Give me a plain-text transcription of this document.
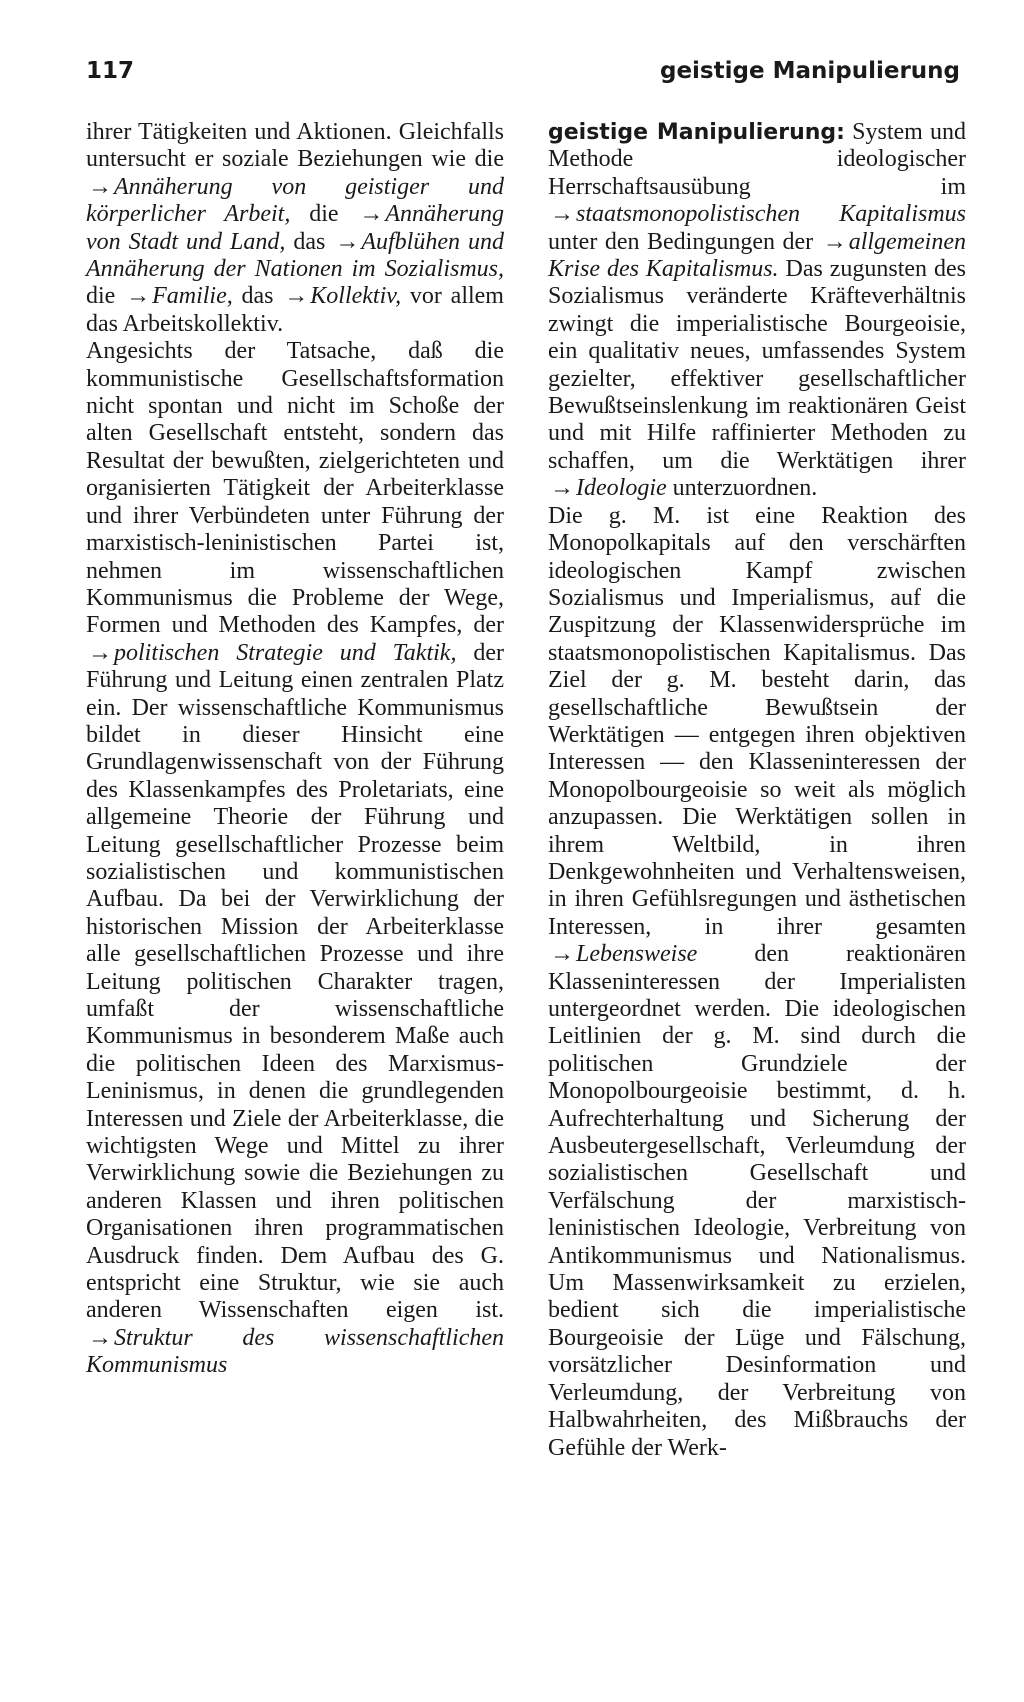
117	geistige Manipulierung

ihrer Tätigkeiten und Aktionen. Gleichfalls untersucht er soziale Beziehungen wie die →Annäherung von geistiger und körperlicher Arbeit, die →Annäherung von Stadt und Land, das →Aufblühen und Annäherung der Nationen im Sozialismus, die →Familie, das →Kollektiv, vor allem das Arbeitskollektiv.

Angesichts der Tatsache, daß die kommunistische Gesellschaftsformation nicht spontan und nicht im Schoße der alten Gesellschaft entsteht, sondern das Resultat der bewußten, zielgerichteten und organisierten Tätigkeit der Arbeiterklasse und ihrer Verbündeten unter Führung der marxistisch-leninistischen Partei ist, nehmen im wissenschaftlichen Kommunismus die Probleme der Wege, Formen und Methoden des Kampfes, der →politischen Strategie und Taktik, der Führung und Leitung einen zentralen Platz ein. Der wissenschaftliche Kommunismus bildet in dieser Hinsicht eine Grundlagenwissenschaft von der Führung des Klassenkampfes des Proletariats, eine allgemeine Theorie der Führung und Leitung gesellschaftlicher Prozesse beim sozialistischen und kommunistischen Aufbau. Da bei der Verwirklichung der historischen Mission der Arbeiterklasse alle gesellschaftlichen Prozesse und ihre Leitung politischen Charakter tragen, umfaßt der wissenschaftliche Kommunismus in besonderem Maße auch die politischen Ideen des Marxismus-Leninismus, in denen die grundlegenden Interessen und Ziele der Arbeiterklasse, die wichtigsten Wege und Mittel zu ihrer Verwirklichung sowie die Beziehungen zu anderen Klassen und ihren politischen Organisationen ihren programmatischen Ausdruck finden. Dem Aufbau des G. entspricht eine Struktur, wie sie auch anderen Wissenschaften eigen ist. →Struktur des wissenschaftlichen Kommunismus

geistige Manipulierung: System und Methode ideologischer Herrschaftsausübung im →staatsmonopolistischen Kapitalismus unter den Bedingungen der →allgemeinen Krise des Kapitalismus. Das zugunsten des Sozialismus veränderte Kräfteverhältnis zwingt die imperialistische Bourgeoisie, ein qualitativ neues, umfassendes System gezielter, effektiver gesellschaftlicher Bewußtseinslenkung im reaktionären Geist und mit Hilfe raffinierter Methoden zu schaffen, um die Werktätigen ihrer →Ideologie unterzuordnen.

Die g. M. ist eine Reaktion des Monopolkapitals auf den verschärften ideologischen Kampf zwischen Sozialismus und Imperialismus, auf die Zuspitzung der Klassenwidersprüche im staatsmonopolistischen Kapitalismus. Das Ziel der g. M. besteht darin, das gesellschaftliche Bewußtsein der Werktätigen — entgegen ihren objektiven Interessen — den Klasseninteressen der Monopolbourgeoisie so weit als möglich anzupassen. Die Werktätigen sollen in ihrem Weltbild, in ihren Denkgewohnheiten und Verhaltensweisen, in ihren Gefühlsregungen und ästhetischen Interessen, in ihrer gesamten →Lebensweise den reaktionären Klasseninteressen der Imperialisten untergeordnet werden. Die ideologischen Leitlinien der g. M. sind durch die politischen Grundziele der Monopolbourgeoisie bestimmt, d. h. Aufrechterhaltung und Sicherung der Ausbeutergesellschaft, Verleumdung der sozialistischen Gesellschaft und Verfälschung der marxistisch-leninistischen Ideologie, Verbreitung von Antikommunismus und Nationalismus. Um Massenwirksamkeit zu erzielen, bedient sich die imperialistische Bourgeoisie der Lüge und Fälschung, vorsätzlicher Desinformation und Verleumdung, der Verbreitung von Halbwahrheiten, des Mißbrauchs der Gefühle der Werk-
